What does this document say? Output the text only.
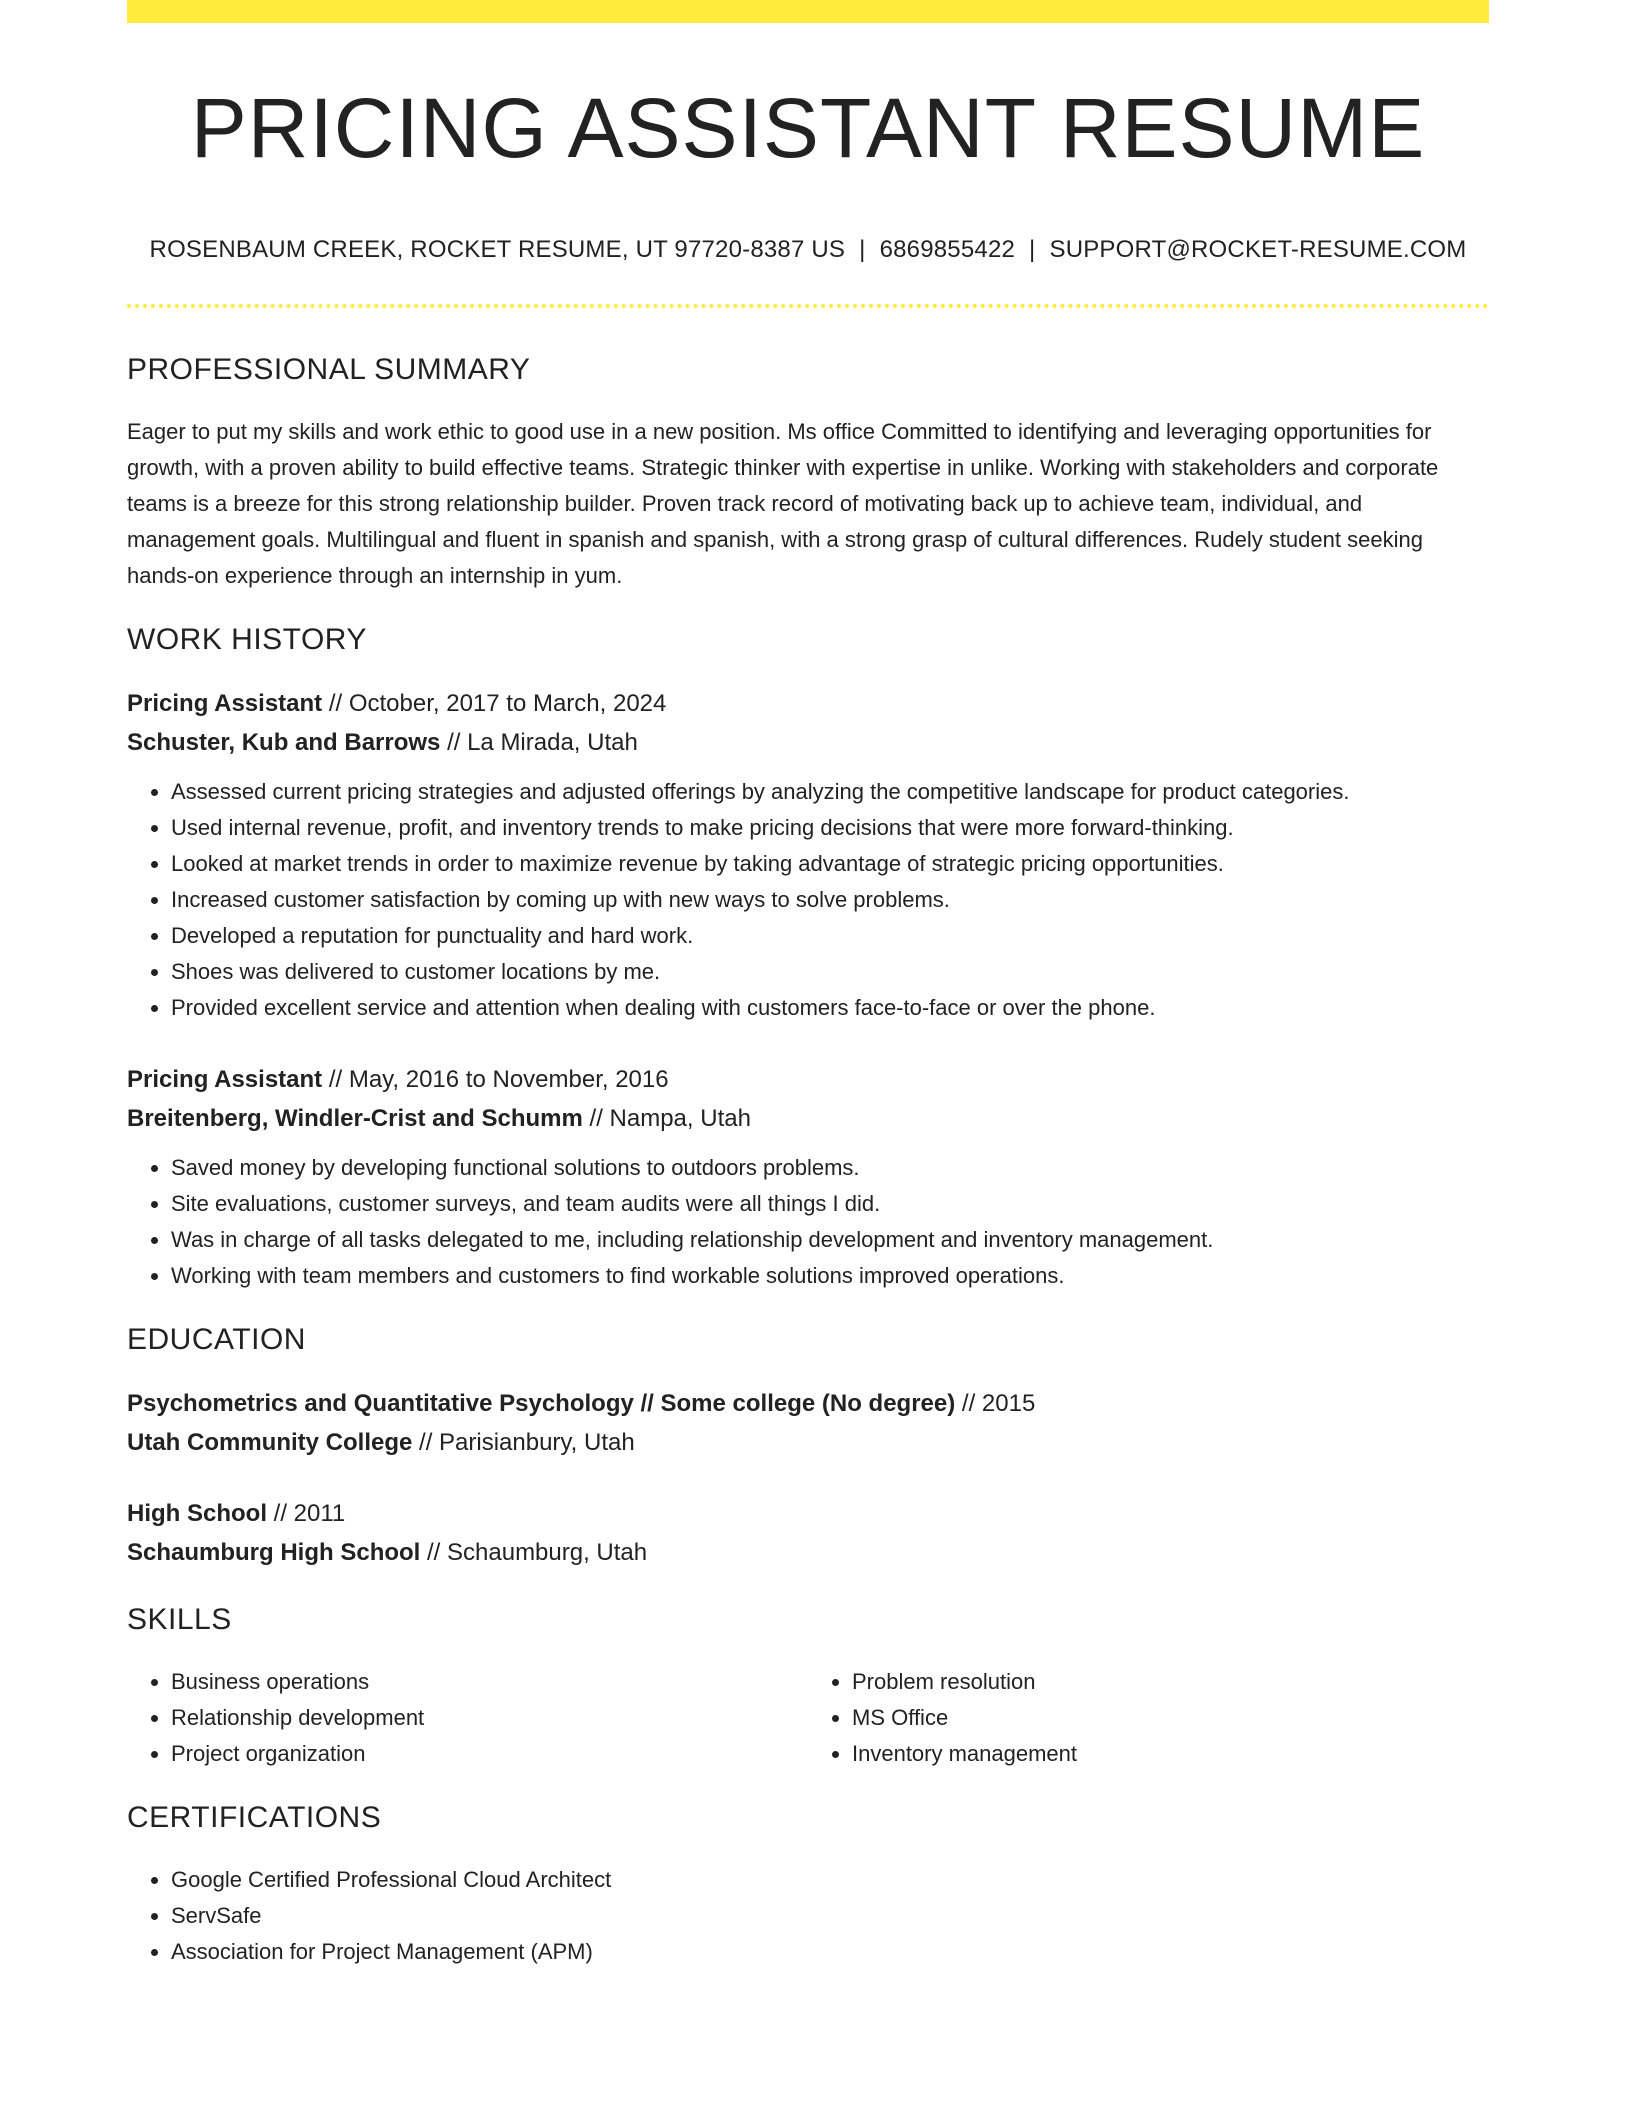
PRICING ASSISTANT RESUME
ROSENBAUM CREEK, ROCKET RESUME, UT 97720-8387 US | 6869855422 | SUPPORT@ROCKET-RESUME.COM
PROFESSIONAL SUMMARY

Eager to put my skills and work ethic to good use in a new position. Ms office Committed to identifying and leveraging opportunities for growth, with a proven ability to build effective teams. Strategic thinker with expertise in unlike. Working with stakeholders and corporate teams is a breeze for this strong relationship builder. Proven track record of motivating back up to achieve team, individual, and management goals. Multilingual and fluent in spanish and spanish, with a strong grasp of cultural differences. Rudely student seeking hands-on experience through an internship in yum.

WORK HISTORY

Pricing Assistant // October, 2017 to March, 2024

Schuster, Kub and Barrows // La Mirada, Utah

• Assessed current pricing strategies and adjusted offerings by analyzing the competitive landscape for product categories.
• Used internal revenue, profit, and inventory trends to make pricing decisions that were more forward-thinking.
• Looked at market trends in order to maximize revenue by taking advantage of strategic pricing opportunities.
• Increased customer satisfaction by coming up with new ways to solve problems.
• Developed a reputation for punctuality and hard work.
• Shoes was delivered to customer locations by me.
• Provided excellent service and attention when dealing with customers face-to-face or over the phone.

Pricing Assistant // May, 2016 to November, 2016

Breitenberg, Windler-Crist and Schumm // Nampa, Utah

• Saved money by developing functional solutions to outdoors problems.
• Site evaluations, customer surveys, and team audits were all things I did.
• Was in charge of all tasks delegated to me, including relationship development and inventory management.
• Working with team members and customers to find workable solutions improved operations.
EDUCATION

Psychometrics and Quantitative Psychology // Some college (No degree) // 2015

Utah Community College // Parisianbury, Utah

High School // 2011

Schaumburg High School // Schaumburg, Utah

SKILLS
• Business operations
• Relationship development
• Project organization
• Problem resolution
• MS Office
• Inventory management
CERTIFICATIONS
• Google Certified Professional Cloud Architect
• ServSafe
• Association for Project Management (APM)
